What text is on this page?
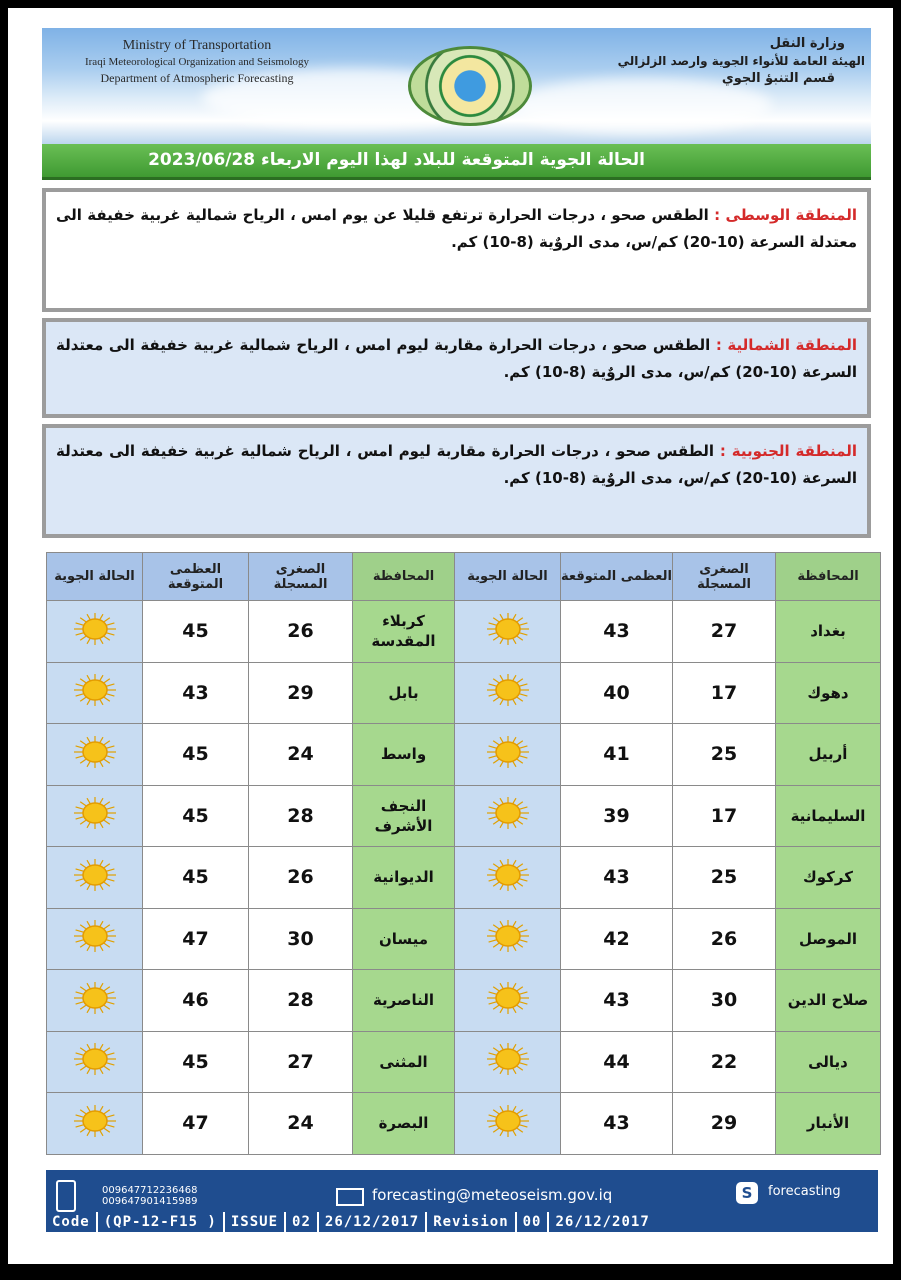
Ministry of Transportation
Iraqi Meteorological Organization and Seismology
Department of Atmospheric Forecasting
وزارة النقل
الهيئة العامة للأنواء الجوية وارصد الزلزالي
قسم التنبؤ الجوي
الحالة الجوية المتوقعة للبلاد لهذا اليوم الاربعاء 2023/06/28
المنطقة الوسطى : الطقس صحو ، درجات الحرارة ترتفع قليلا عن يوم امس ، الرياح شمالية غربية خفيفة الى معتدلة السرعة (10-20) كم/س، مدى الروٌية (8-10) كم.
المنطقة الشمالية : الطقس صحو ، درجات الحرارة مقاربة ليوم امس ، الرياح شمالية غربية خفيفة الى معتدلة السرعة (10-20) كم/س، مدى الروٌية (8-10) كم.
المنطقة الجنوبية : الطقس صحو ، درجات الحرارة مقاربة ليوم امس ، الرياح شمالية غربية خفيفة الى معتدلة السرعة (10-20) كم/س، مدى الروٌية (8-10) كم.
المحافظة	الصغرى المسجلة	العظمى المتوقعة	الحالة الجوية	المحافظة	الصغرى المسجلة	العظمى المتوقعة	الحالة الجوية
بغداد	27	43		كربلاء المقدسة	26	45	
دهوك	17	40		بابل	29	43	
أربيل	25	41		واسط	24	45	
السليمانية	17	39		النجف الأشرف	28	45	
كركوك	25	43		الديوانية	26	45	
الموصل	26	42		ميسان	30	47	
صلاح الدين	30	43		الناصرية	28	46	
ديالى	22	44		المثنى	27	45	
الأنبار	29	43		البصرة	24	47	
009647712236468
009647901415989	forecasting@meteoseism.gov.iq	S	forecasting
Code	(QP-12-F15 )	ISSUE	02	26/12/2017	Revision	00	26/12/2017
